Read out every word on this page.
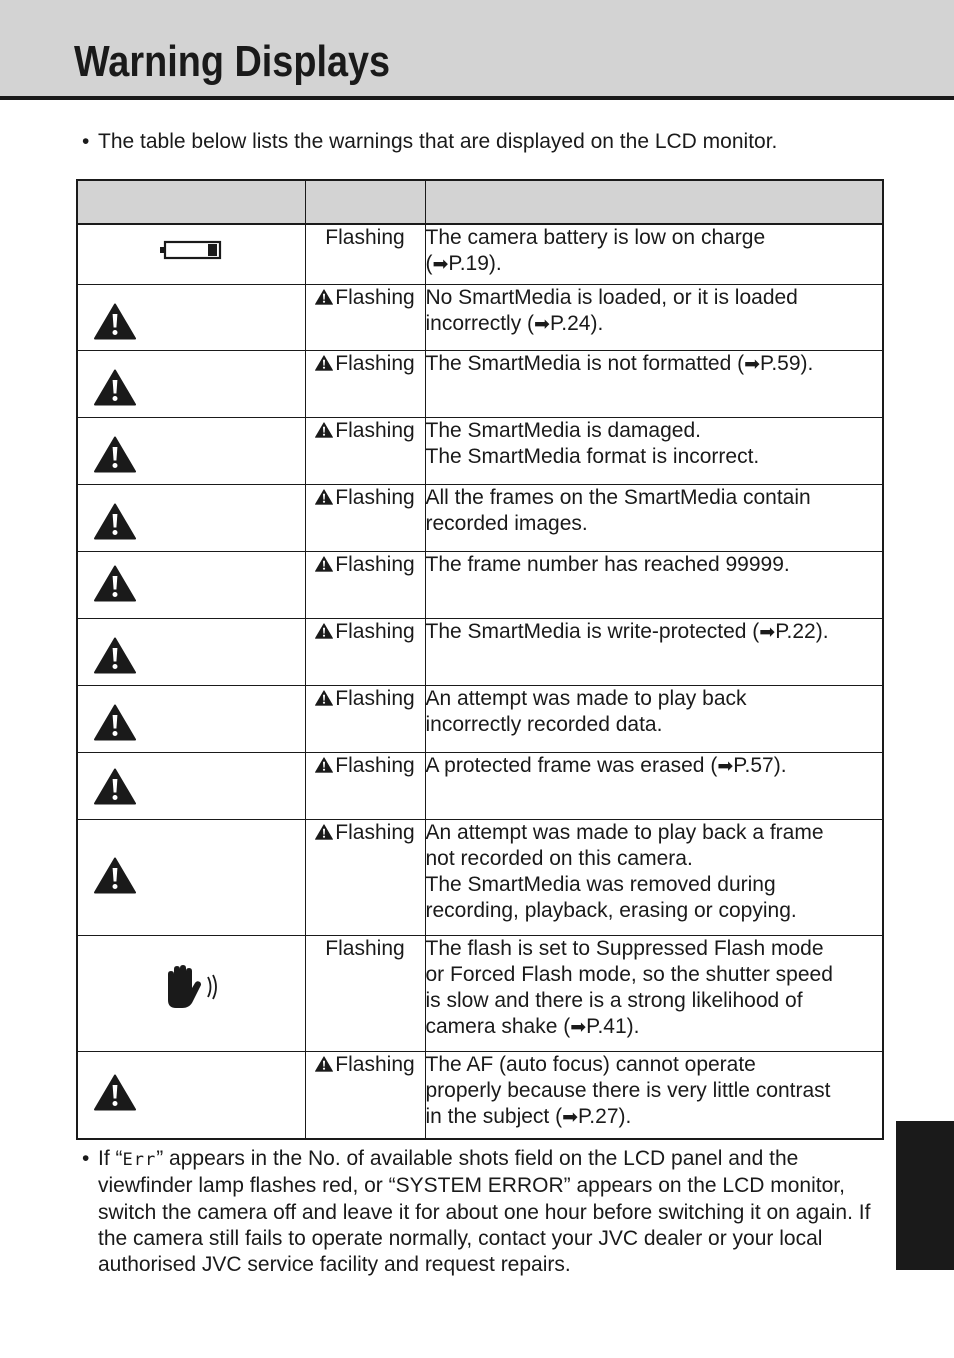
Warning Displays
• The table below lists the warnings that are displayed on the LCD monitor.

	Flashing	The camera battery is low on charge
(➡P.19).

	Flashing	No SmartMedia is loaded, or it is loaded
incorrectly (➡P.24).

	Flashing	The SmartMedia is not formatted (➡P.59).

	Flashing	The SmartMedia is damaged.
The SmartMedia format is incorrect.

	Flashing	All the frames on the SmartMedia contain
recorded images.

	Flashing	The frame number has reached 99999.

	Flashing	The SmartMedia is write-protected (➡P.22).

	Flashing	An attempt was made to play back
incorrectly recorded data.

	Flashing	A protected frame was erased (➡P.57).

	Flashing	An attempt was made to play back a frame
not recorded on this camera.
The SmartMedia was removed during
recording, playback, erasing or copying.

	Flashing	The flash is set to Suppressed Flash mode
or Forced Flash mode, so the shutter speed
is slow and there is a strong likelihood of
camera shake (➡P.41).

	Flashing	The AF (auto focus) cannot operate
properly because there is very little contrast
in the subject (➡P.27).
• If “Err” appears in the No. of available shots field on the LCD panel and the viewfinder lamp flashes red, or “SYSTEM ERROR” appears on the LCD monitor, switch the camera off and leave it for about one hour before switching it on again. If the camera still fails to operate normally, contact your JVC dealer or your local authorised JVC service facility and request repairs.
